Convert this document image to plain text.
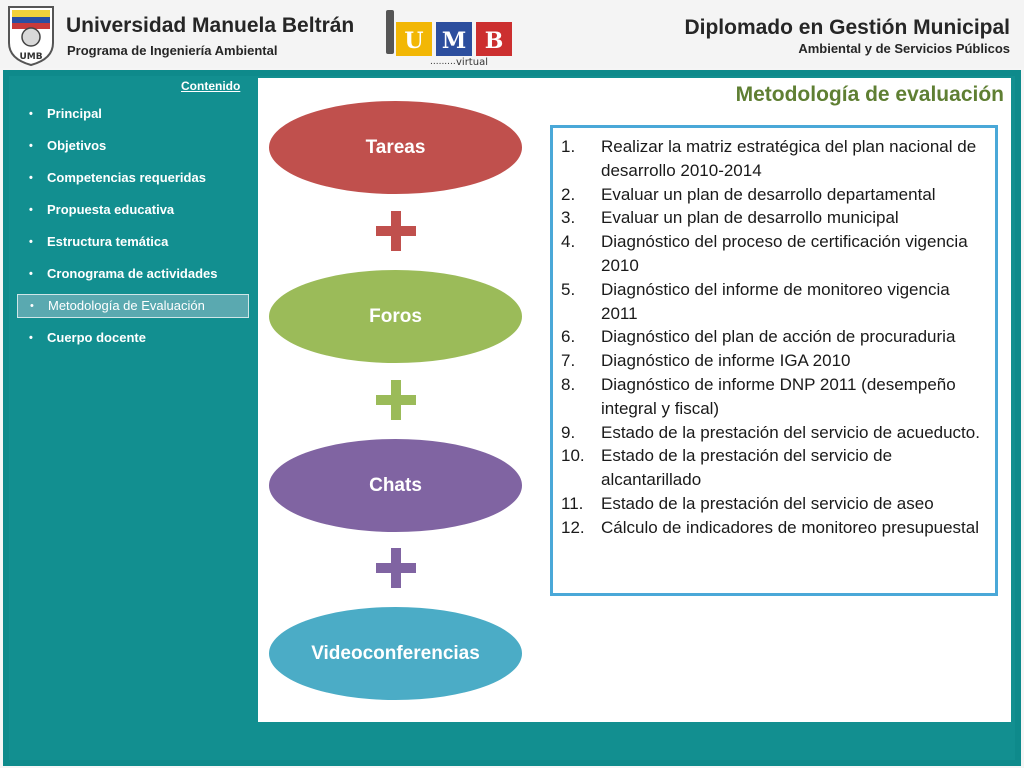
UMB
Universidad Manuela Beltrán
Programa de Ingeniería Ambiental	U M B
virtual
.........
Diplomado en Gestión Municipal
Ambiental y de Servicios Públicos
Contenido
• Principal
• Objetivos
• Competencias requeridas
• Propuesta educativa
• Estructura temática
• Cronograma de actividades
• Metodología de Evaluación
• Cuerpo docente
Metodología de evaluación
Tareas
Foros
Chats
Videoconferencias
1. Realizar la matriz estratégica del plan nacional de desarrollo 2010-2014
2. Evaluar un plan de desarrollo departamental
3. Evaluar un plan de desarrollo municipal
4. Diagnóstico del proceso de certificación vigencia 2010
5. Diagnóstico del informe de monitoreo vigencia 2011
6. Diagnóstico del plan de acción de procuraduria
7. Diagnóstico de informe IGA 2010
8. Diagnóstico de informe DNP 2011 (desempeño integral y fiscal)
9. Estado de la prestación del servicio de acueducto.
10. Estado de la prestación del servicio de alcantarillado
11. Estado de la prestación del servicio de aseo
12. Cálculo de indicadores de monitoreo presupuestal
